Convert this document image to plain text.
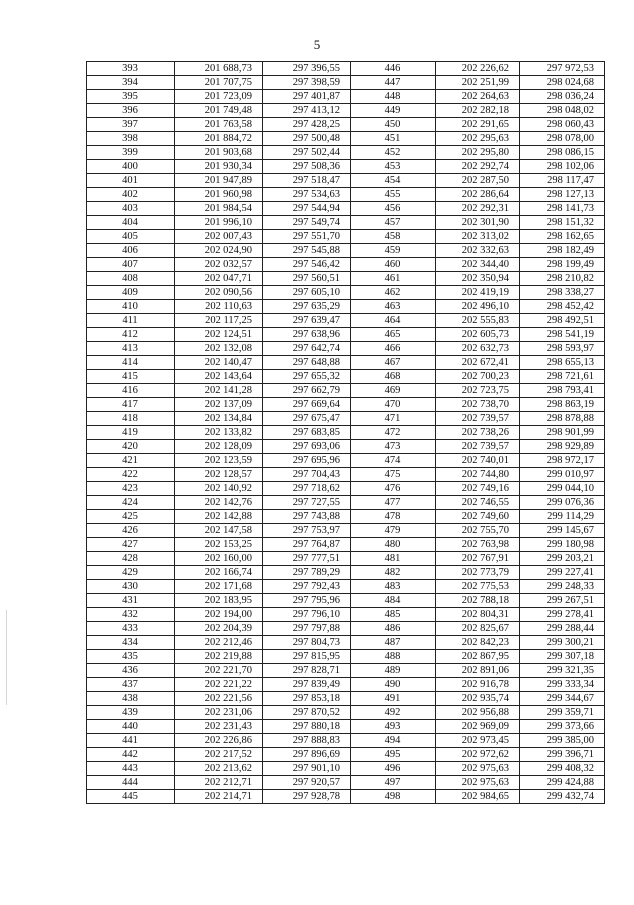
5
393	201 688,73	297 396,55	446	202 226,62	297 972,53
394	201 707,75	297 398,59	447	202 251,99	298 024,68
395	201 723,09	297 401,87	448	202 264,63	298 036,24
396	201 749,48	297 413,12	449	202 282,18	298 048,02
397	201 763,58	297 428,25	450	202 291,65	298 060,43
398	201 884,72	297 500,48	451	202 295,63	298 078,00
399	201 903,68	297 502,44	452	202 295,80	298 086,15
400	201 930,34	297 508,36	453	202 292,74	298 102,06
401	201 947,89	297 518,47	454	202 287,50	298 117,47
402	201 960,98	297 534,63	455	202 286,64	298 127,13
403	201 984,54	297 544,94	456	202 292,31	298 141,73
404	201 996,10	297 549,74	457	202 301,90	298 151,32
405	202 007,43	297 551,70	458	202 313,02	298 162,65
406	202 024,90	297 545,88	459	202 332,63	298 182,49
407	202 032,57	297 546,42	460	202 344,40	298 199,49
408	202 047,71	297 560,51	461	202 350,94	298 210,82
409	202 090,56	297 605,10	462	202 419,19	298 338,27
410	202 110,63	297 635,29	463	202 496,10	298 452,42
411	202 117,25	297 639,47	464	202 555,83	298 492,51
412	202 124,51	297 638,96	465	202 605,73	298 541,19
413	202 132,08	297 642,74	466	202 632,73	298 593,97
414	202 140,47	297 648,88	467	202 672,41	298 655,13
415	202 143,64	297 655,32	468	202 700,23	298 721,61
416	202 141,28	297 662,79	469	202 723,75	298 793,41
417	202 137,09	297 669,64	470	202 738,70	298 863,19
418	202 134,84	297 675,47	471	202 739,57	298 878,88
419	202 133,82	297 683,85	472	202 738,26	298 901,99
420	202 128,09	297 693,06	473	202 739,57	298 929,89
421	202 123,59	297 695,96	474	202 740,01	298 972,17
422	202 128,57	297 704,43	475	202 744,80	299 010,97
423	202 140,92	297 718,62	476	202 749,16	299 044,10
424	202 142,76	297 727,55	477	202 746,55	299 076,36
425	202 142,88	297 743,88	478	202 749,60	299 114,29
426	202 147,58	297 753,97	479	202 755,70	299 145,67
427	202 153,25	297 764,87	480	202 763,98	299 180,98
428	202 160,00	297 777,51	481	202 767,91	299 203,21
429	202 166,74	297 789,29	482	202 773,79	299 227,41
430	202 171,68	297 792,43	483	202 775,53	299 248,33
431	202 183,95	297 795,96	484	202 788,18	299 267,51
432	202 194,00	297 796,10	485	202 804,31	299 278,41
433	202 204,39	297 797,88	486	202 825,67	299 288,44
434	202 212,46	297 804,73	487	202 842,23	299 300,21
435	202 219,88	297 815,95	488	202 867,95	299 307,18
436	202 221,70	297 828,71	489	202 891,06	299 321,35
437	202 221,22	297 839,49	490	202 916,78	299 333,34
438	202 221,56	297 853,18	491	202 935,74	299 344,67
439	202 231,06	297 870,52	492	202 956,88	299 359,71
440	202 231,43	297 880,18	493	202 969,09	299 373,66
441	202 226,86	297 888,83	494	202 973,45	299 385,00
442	202 217,52	297 896,69	495	202 972,62	299 396,71
443	202 213,62	297 901,10	496	202 975,63	299 408,32
444	202 212,71	297 920,57	497	202 975,63	299 424,88
445	202 214,71	297 928,78	498	202 984,65	299 432,74
